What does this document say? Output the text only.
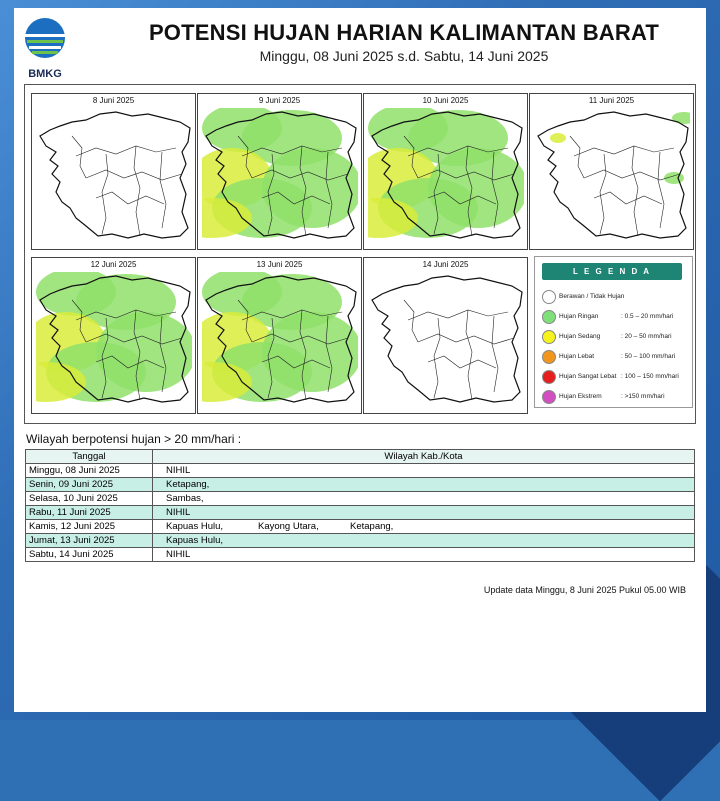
BMKG
POTENSI HUJAN HARIAN KALIMANTAN BARAT
Minggu, 08 Juni 2025 s.d. Sabtu, 14 Juni 2025
8 Juni 2025	9 Juni 2025	10 Juni 2025	11 Juni 2025
12 Juni 2025	13 Juni 2025	14 Juni 2025
L E G E N D A
Berawan / Tidak Hujan
Hujan Ringan	: 0.5 – 20 mm/hari
Hujan Sedang	: 20 – 50 mm/hari
Hujan Lebat	: 50 – 100 mm/hari
Hujan Sangat Lebat : 100 – 150 mm/hari
Hujan Ekstrem	: >150 mm/hari
Wilayah berpotensi hujan > 20 mm/hari :
Tanggal	Wilayah Kab./Kota
Minggu, 08 Juni 2025	NIHIL
Senin, 09 Juni 2025	Ketapang,
Selasa, 10 Juni 2025	Sambas,
Rabu, 11 Juni 2025	NIHIL
Kamis, 12 Juni 2025	Kapuas Hulu, Kayong Utara, Ketapang,
Jumat, 13 Juni 2025	Kapuas Hulu,
Sabtu, 14 Juni 2025	NIHIL
Update data Minggu, 8 Juni 2025 Pukul 05.00 WIB
